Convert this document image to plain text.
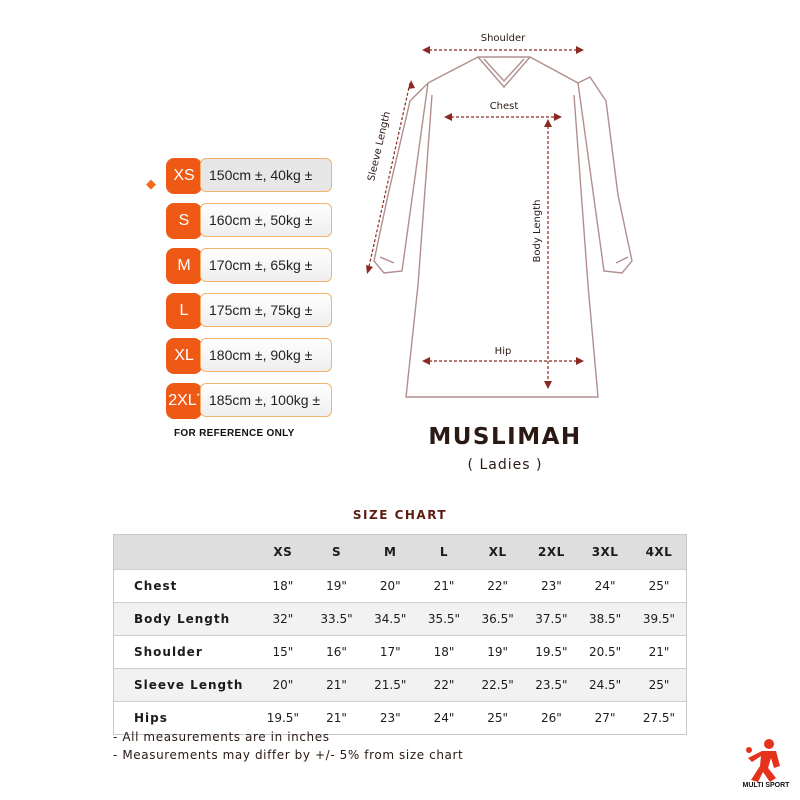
◆
XS	150cm ±, 40kg ±
S	160cm ±, 50kg ±
M	170cm ±, 65kg ±
L	175cm ±, 75kg ±
XL	180cm ±, 90kg ±
2XL* 185cm ±, 100kg ±
FOR REFERENCE ONLY
Shoulder
Chest
Body Length
Hip
Sleeve Length
MUSLIMAH
( Ladies )
SIZE CHART
	XS	S	M	L	XL	2XL	3XL	4XL
Chest	18"	19"	20"	21"	22"	23"	24"	25"
Body Length	32"	33.5"	34.5"	35.5"	36.5"	37.5"	38.5"	39.5"
Shoulder	15"	16"	17"	18"	19"	19.5"	20.5"	21"
Sleeve Length	20"	21"	21.5"	22"	22.5"	23.5"	24.5"	25"
Hips	19.5"	21"	23"	24"	25"	26"	27"	27.5"
- All measurements are in inches
- Measurements may differ by +/- 5% from size chart
MULTI SPORT
